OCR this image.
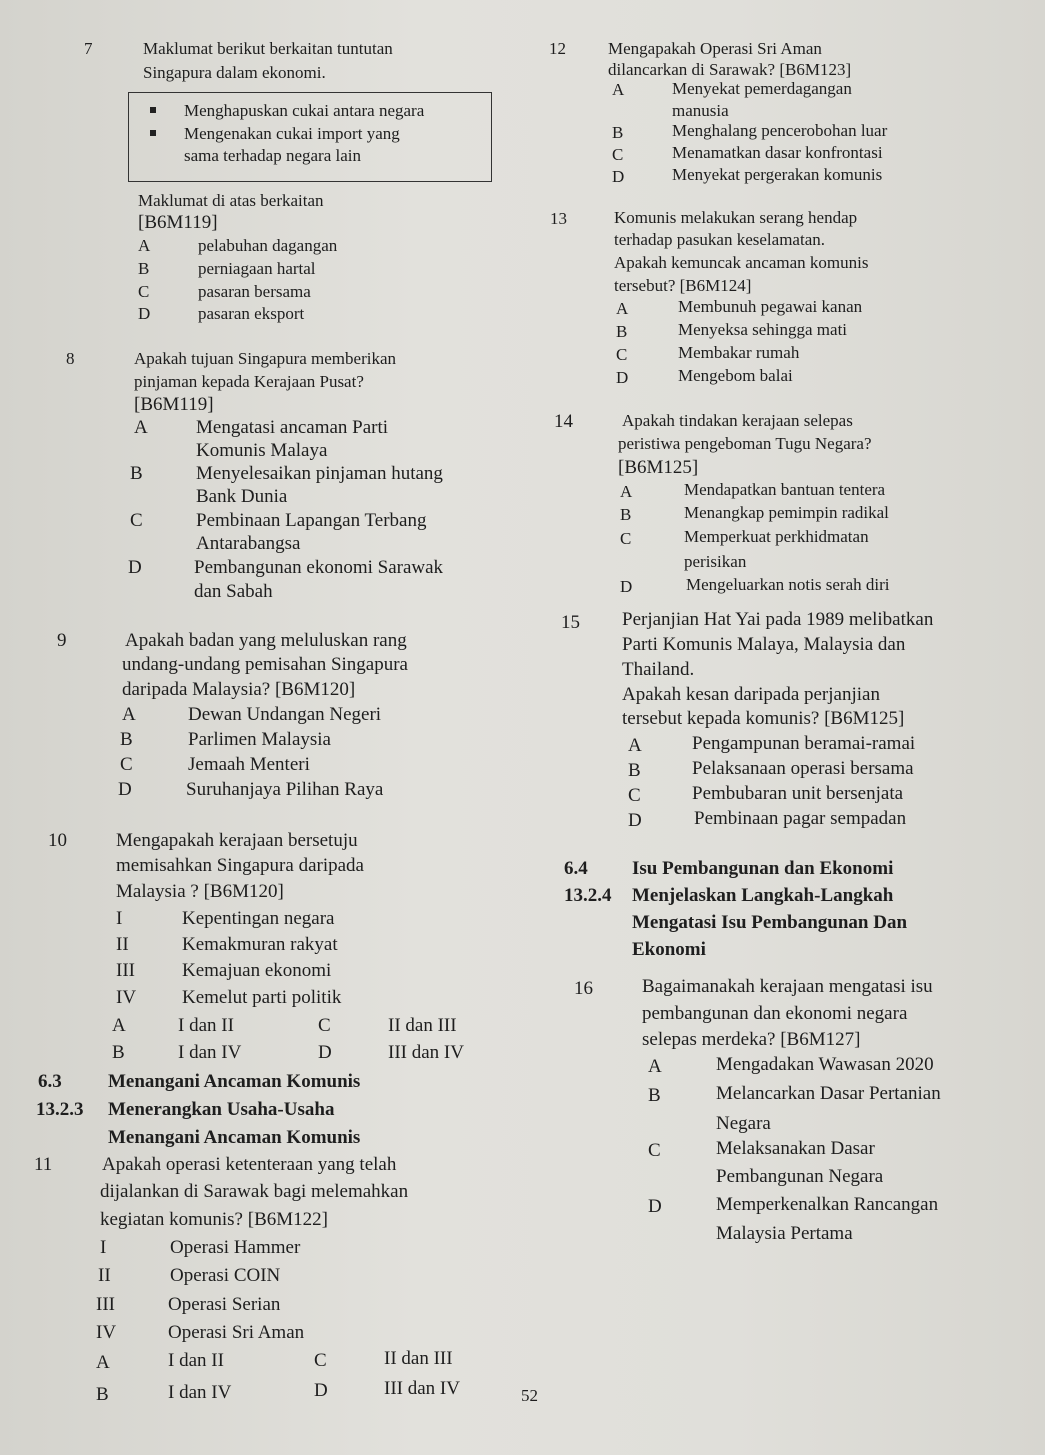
7	Maklumat berikut berkaitan tuntutan
Singapura dalam ekonomi.
Menghapuskan cukai antara negara
Mengenakan cukai import yang
sama terhadap negara lain
Maklumat di atas berkaitan
[B6M119]
A	pelabuhan dagangan
B	perniagaan hartal
C	pasaran bersama
D	pasaran eksport
8	Apakah tujuan Singapura memberikan
pinjaman kepada Kerajaan Pusat?
[B6M119]
A	Mengatasi ancaman Parti
Komunis Malaya
B	Menyelesaikan pinjaman hutang
Bank Dunia
C	Pembinaan Lapangan Terbang
Antarabangsa
D	Pembangunan ekonomi Sarawak
dan Sabah
9	Apakah badan yang meluluskan rang
undang-undang pemisahan Singapura
daripada Malaysia? [B6M120]
A	Dewan Undangan Negeri
B	Parlimen Malaysia
C	Jemaah Menteri
D	Suruhanjaya Pilihan Raya
10	Mengapakah kerajaan bersetuju
memisahkan Singapura daripada
Malaysia ? [B6M120]
I	Kepentingan negara
II	Kemakmuran rakyat
III Kemajuan ekonomi
IV Kemelut parti politik
A	I dan II	C	II dan III
B	I dan IV	D	III dan IV
6.3 Menangani Ancaman Komunis
13.2.3 Menerangkan Usaha-Usaha
Menangani Ancaman Komunis
11	Apakah operasi ketenteraan yang telah
dijalankan di Sarawak bagi melemahkan
kegiatan komunis? [B6M122]
I	Operasi Hammer
II	Operasi COIN
III	Operasi Serian
IV	Operasi Sri Aman
A	I dan II	C	II dan III
B	I dan IV	D	III dan IV	52
12 Mengapakah Operasi Sri Aman
dilancarkan di Sarawak? [B6M123]
A	Menyekat pemerdagangan
manusia
B	Menghalang pencerobohan luar
C	Menamatkan dasar konfrontasi
D	Menyekat pergerakan komunis
13	Komunis melakukan serang hendap
terhadap pasukan keselamatan.
Apakah kemuncak ancaman komunis
tersebut? [B6M124]
A	Membunuh pegawai kanan
B	Menyeksa sehingga mati
C	Membakar rumah
D	Mengebom balai
14	Apakah tindakan kerajaan selepas
peristiwa pengeboman Tugu Negara?
[B6M125]
A	Mendapatkan bantuan tentera
B	Menangkap pemimpin radikal
C	Memperkuat perkhidmatan
perisikan
D	Mengeluarkan notis serah diri
15 Perjanjian Hat Yai pada 1989 melibatkan
Parti Komunis Malaya, Malaysia dan
Thailand.
Apakah kesan daripada perjanjian
tersebut kepada komunis? [B6M125]
A	Pengampunan beramai-ramai
B	Pelaksanaan operasi bersama
C	Pembubaran unit bersenjata
D	Pembinaan pagar sempadan
6.4 Isu Pembangunan dan Ekonomi
13.2.4 Menjelaskan Langkah-Langkah
Mengatasi Isu Pembangunan Dan
Ekonomi
16	Bagaimanakah kerajaan mengatasi isu
pembangunan dan ekonomi negara
selepas merdeka? [B6M127]
A	Mengadakan Wawasan 2020
B	Melancarkan Dasar Pertanian
Negara
C	Melaksanakan Dasar
Pembangunan Negara
D	Memperkenalkan Rancangan
Malaysia Pertama
